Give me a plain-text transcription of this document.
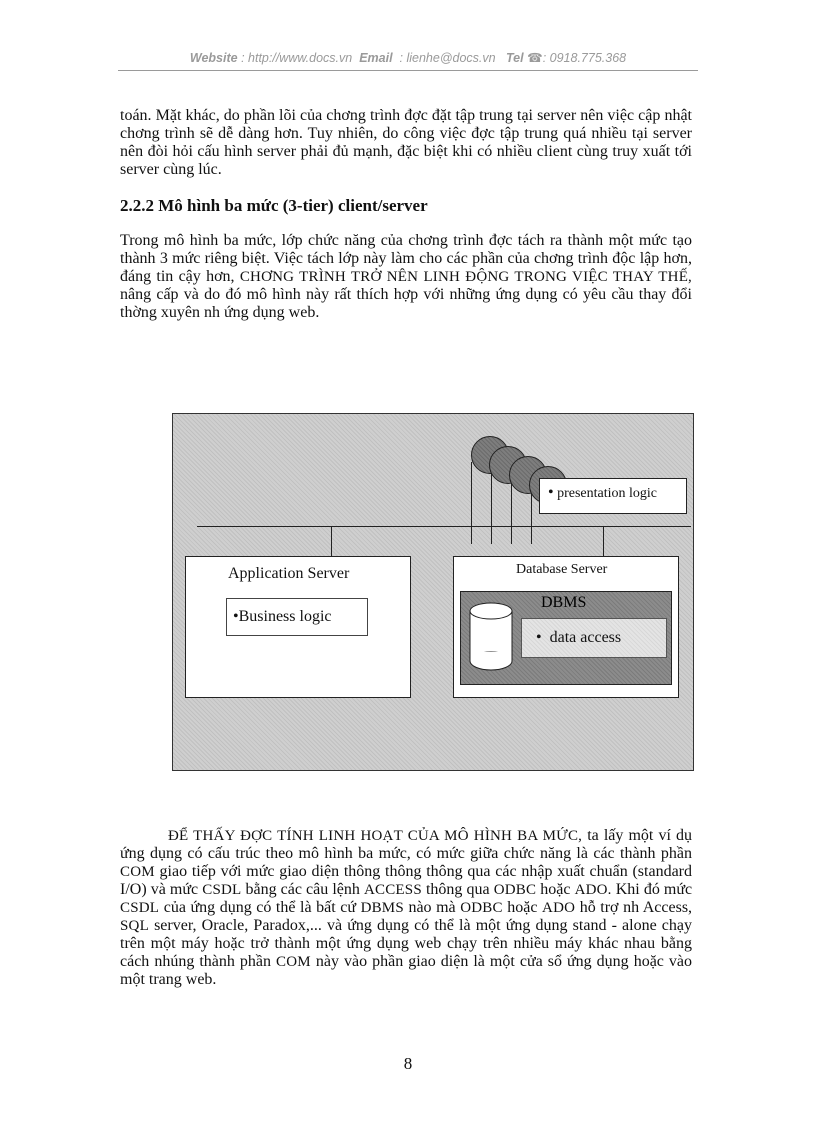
Website : http://www.docs.vn Email : lienhe@docs.vn Tel ☎: 0918.775.368

toán. Mặt khác, do phần lõi của chơng trình đợc đặt tập trung tại server nên việc cập nhật chơng trình sẽ dễ dàng hơn. Tuy nhiên, do công việc đợc tập trung quá nhiều tại server nên đòi hỏi cấu hình server phải đủ mạnh, đặc biệt khi có nhiều client cùng truy xuất tới server cùng lúc.

2.2.2 Mô hình ba mức (3-tier) client/server

Trong mô hình ba mức, lớp chức năng của chơng trình đợc tách ra thành một mức tạo thành 3 mức riêng biệt. Việc tách lớp này làm cho các phần của chơng trình độc lập hơn, đáng tin cậy hơn, CHƠNG TRÌNH TRỞ NÊN LINH ĐỘNG TRONG VIỆC THAY THẾ, nâng cấp và do đó mô hình này rất thích hợp với những ứng dụng có yêu cầu thay đổi thờng xuyên nh ứng dụng web.

• presentation logic
Application Server
•Business logic
Database Server
DBMS
• data access

ĐỂ THẤY ĐỢC TÍNH LINH HOẠT CỦA MÔ HÌNH BA MỨC, ta lấy một ví dụ ứng dụng có cấu trúc theo mô hình ba mức, có mức giữa chức năng là các thành phần COM giao tiếp với mức giao diện thông thông thông qua các nhập xuất chuẩn (standard I/O) và mức CSDL bằng các câu lệnh ACCESS thông qua ODBC hoặc ADO. Khi đó mức CSDL của ứng dụng có thể là bất cứ DBMS nào mà ODBC hoặc ADO hỗ trợ nh Access, SQL server, Oracle, Paradox,... và ứng dụng có thể là một ứng dụng stand - alone chạy trên một máy hoặc trở thành một ứng dụng web chạy trên nhiều máy khác nhau bằng cách nhúng thành phần COM này vào phần giao diện là một cửa sổ ứng dụng hoặc vào một trang web.

8
